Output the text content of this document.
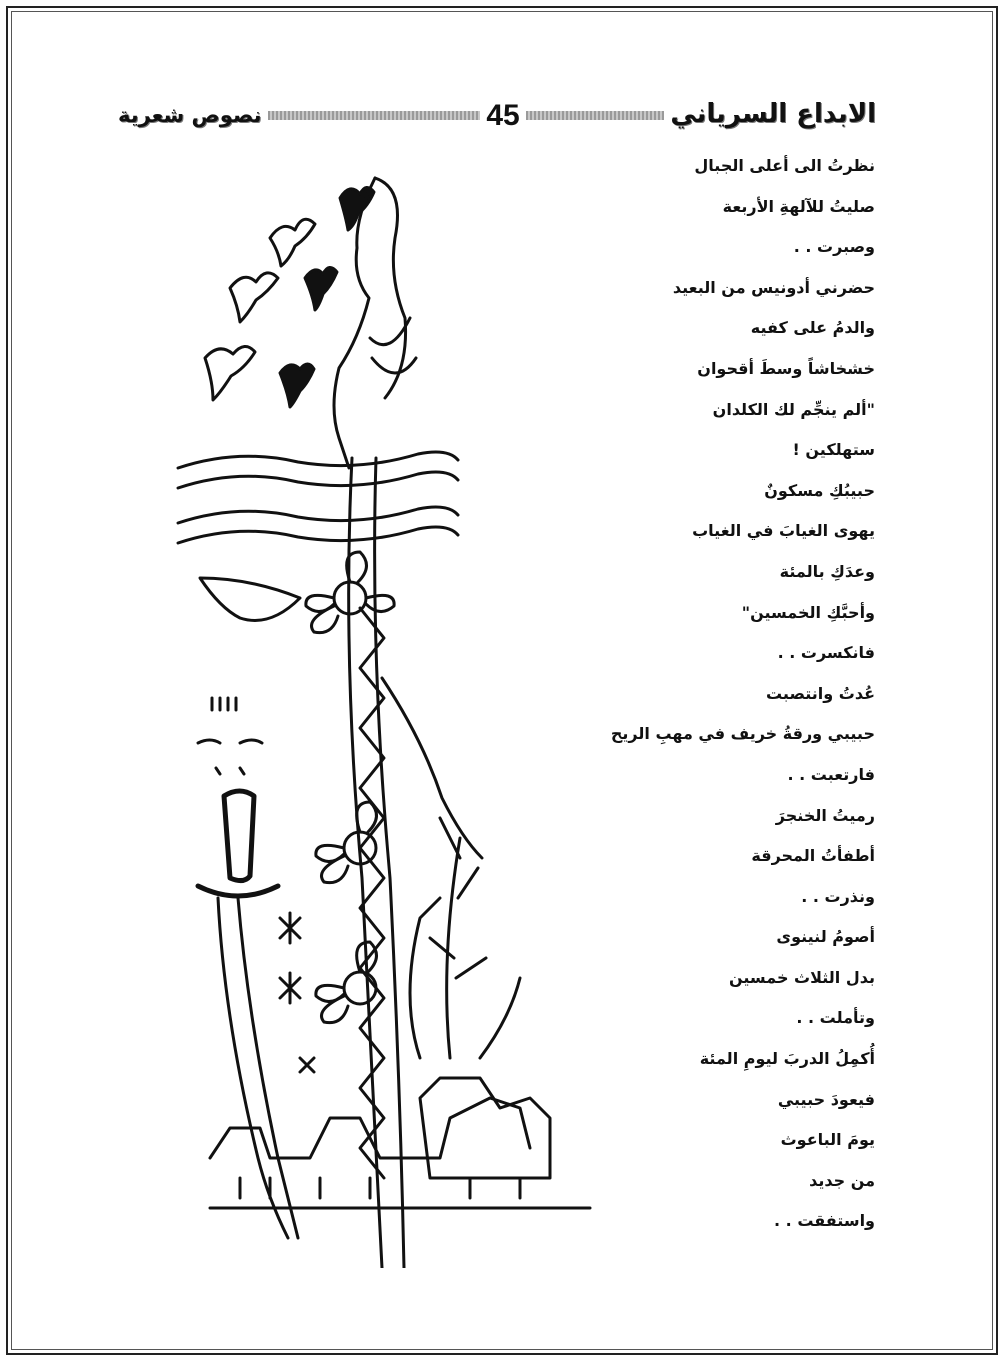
نصوص شعرية	45	الابداع السرياني
نظرتُ الى أعلى الجبال
صليتُ للآلهةِ الأربعة
وصبرت . .
حضرني أدونيس من البعيد
والدمُ على كفيه
خشخاشاً وسطَ أقحوان
"ألم ينجِّم لك الكلدان
ستهلكين !
حبيبُكِ مسكونٌ
يهوى الغيابَ في الغياب
وعدَكِ بالمئة
وأحبَّكِ الخمسين"
فانكسرت . .
عُدتُ وانتصبت
حبيبي ورقةُ خريف في مهبِ الريح
فارتعبت . .
رميتُ الخنجرَ
أطفأتُ المحرقة
ونذرت . .
أصومُ لنينوى
بدل الثلاث خمسين
وتأملت . .
أُكمِلُ الدربَ ليومِ المئة
فيعودَ حبيبي
يومَ الباعوث
من جديد
واستفقت . .
